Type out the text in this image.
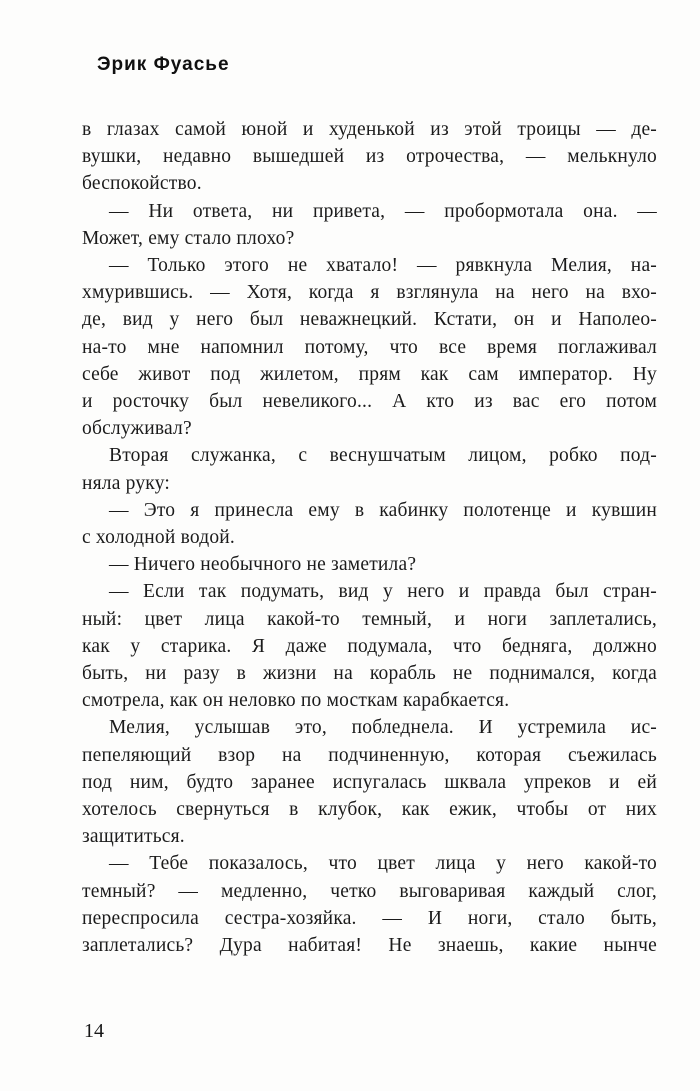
Эрик Фуасье
в глазах самой юной и худенькой из этой троицы — де-
вушки, недавно вышедшей из отрочества, — мелькнуло
беспокойство.
— Ни ответа, ни привета, — пробормотала она. —
Может, ему стало плохо?
— Только этого не хватало! — рявкнула Мелия, на-
хмурившись. — Хотя, когда я взглянула на него на вхо-
де, вид у него был неважнецкий. Кстати, он и Наполео-
на-то мне напомнил потому, что все время поглаживал
себе живот под жилетом, прям как сам император. Ну
и росточку был невеликого... А кто из вас его потом
обслуживал?
Вторая служанка, с веснушчатым лицом, робко под-
няла руку:
— Это я принесла ему в кабинку полотенце и кувшин
с холодной водой.
— Ничего необычного не заметила?
— Если так подумать, вид у него и правда был стран-
ный: цвет лица какой-то темный, и ноги заплетались,
как у старика. Я даже подумала, что бедняга, должно
быть, ни разу в жизни на корабль не поднимался, когда
смотрела, как он неловко по мосткам карабкается.
Мелия, услышав это, побледнела. И устремила ис-
пепеляющий взор на подчиненную, которая съежилась
под ним, будто заранее испугалась шквала упреков и ей
хотелось свернуться в клубок, как ежик, чтобы от них
защититься.
— Тебе показалось, что цвет лица у него какой-то
темный? — медленно, четко выговаривая каждый слог,
переспросила сестра-хозяйка. — И ноги, стало быть,
заплетались? Дура набитая! Не знаешь, какие нынче
14
